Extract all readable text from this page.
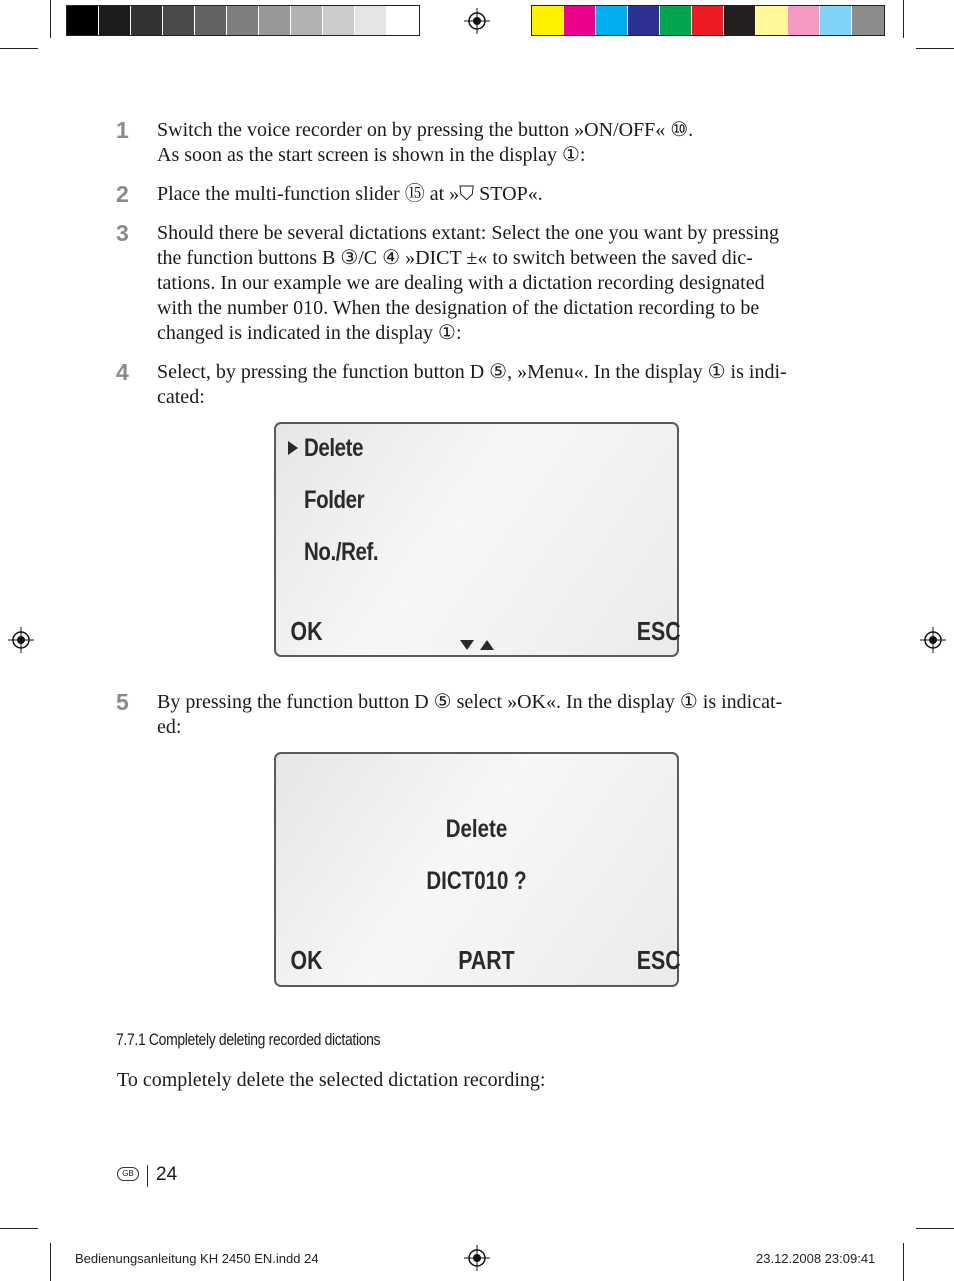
1	Switch the voice recorder on by pressing the button »ON/OFF« ⑩.

As soon as the start screen is shown in the display ①:

2	Place the multi-function slider ⑮ at »⛉ STOP«.

3	Should there be several dictations extant: Select the one you want by pressing

the function buttons B ③/C ④ »DICT ±« to switch between the saved dic-

tations. In our example we are dealing with a dictation recording designated

with the number 010. When the designation of the dictation recording to be

changed is indicated in the display ①:

4	Select, by pressing the function button D ⑤, »Menu«. In the display ① is indi-

cated:

Delete
Folder
No./Ref.
OK	ESC
5	By pressing the function button D ⑤ select »OK«. In the display ① is indicat-

ed:

Delete
DICT010 ?
OK	PART	ESC
7.7.1 Completely deleting recorded dictations
To completely delete the selected dictation recording:
GB 24
Bedienungsanleitung KH 2450 EN.indd 24	23.12.2008 23:09:41
